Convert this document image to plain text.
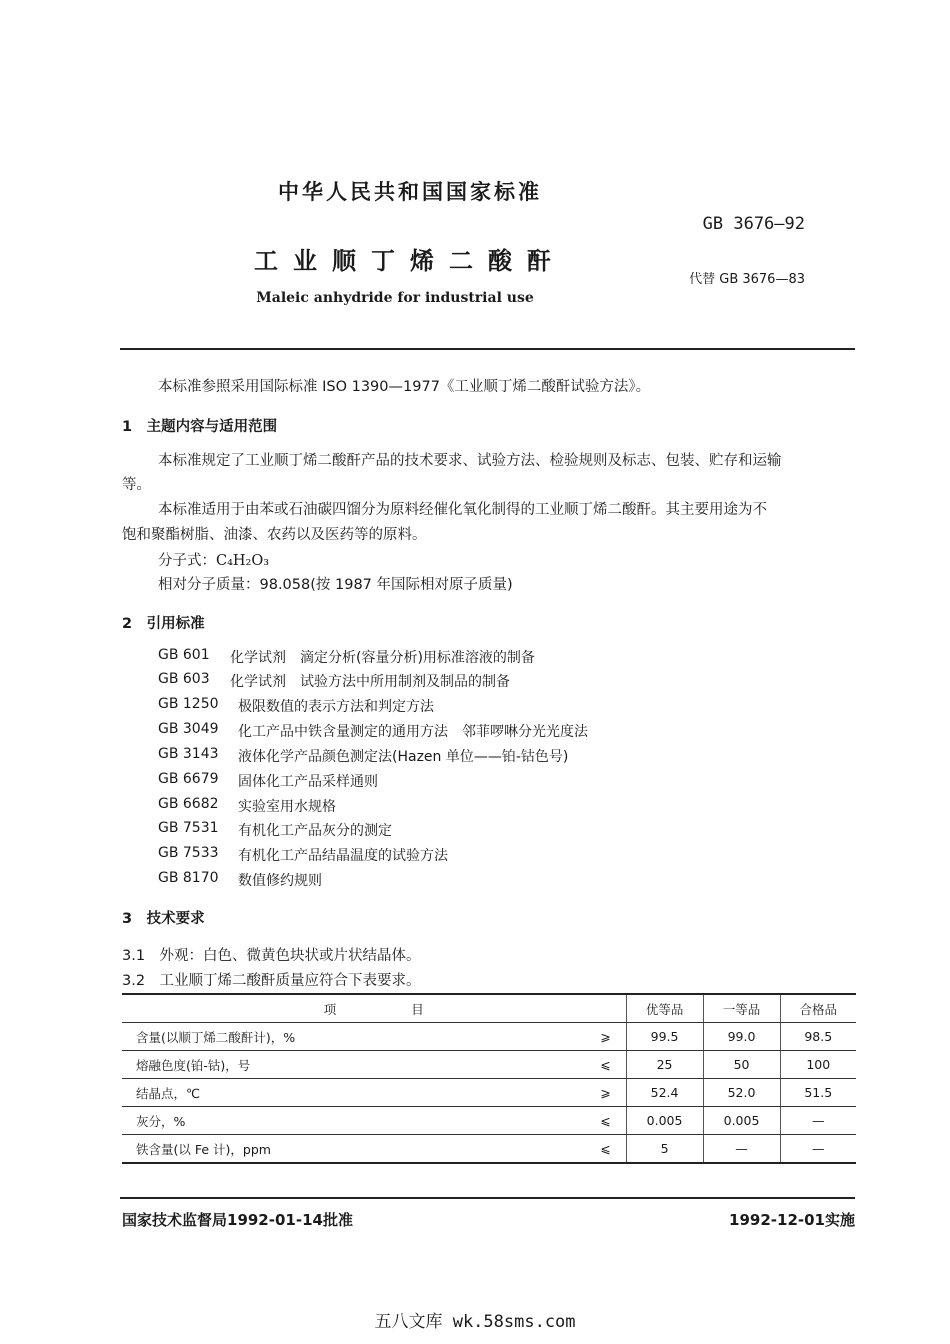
中华人民共和国国家标准
GB 3676—92
工业顺丁烯二酸酐
代替 GB 3676—83
Maleic anhydride for industrial use
本标准参照采用国际标准 ISO 1390—1977《工业顺丁烯二酸酐试验方法》。
1　主题内容与适用范围
本标准规定了工业顺丁烯二酸酐产品的技术要求、试验方法、检验规则及标志、包装、贮存和运输
等。
本标准适用于由苯或石油碳四馏分为原料经催化氧化制得的工业顺丁烯二酸酐。其主要用途为不
饱和聚酯树脂、油漆、农药以及医药等的原料。
分子式：C₄H₂O₃
相对分子质量：98.058(按 1987 年国际相对原子质量)
2　引用标准
GB 601 化学试剂　滴定分析(容量分析)用标准溶液的制备
GB 603 化学试剂　试验方法中所用制剂及制品的制备
GB 1250 极限数值的表示方法和判定方法
GB 3049 化工产品中铁含量测定的通用方法　邻菲啰啉分光光度法
GB 3143 液体化学产品颜色测定法(Hazen 单位——铂-钴色号)
GB 6679 固体化工产品采样通则
GB 6682 实验室用水规格
GB 7531 有机化工产品灰分的测定
GB 7533 有机化工产品结晶温度的试验方法
GB 8170 数值修约规则
3　技术要求
3.1　外观：白色、微黄色块状或片状结晶体。
3.2　工业顺丁烯二酸酐质量应符合下表要求。
项　　　　　　目		优等品	一等品	合格品
含量(以顺丁烯二酸酐计)，%	⩾	99.5	99.0	98.5
熔融色度(铂-钴)，号	⩽	25	50	100
结晶点，℃	⩾	52.4	52.0	51.5
灰分，%	⩽	0.005	0.005	—
铁含量(以 Fe 计)，ppm	⩽	5	—	—
国家技术监督局1992-01-14批准	1992-12-01实施
五八文库 wk.58sms.com
